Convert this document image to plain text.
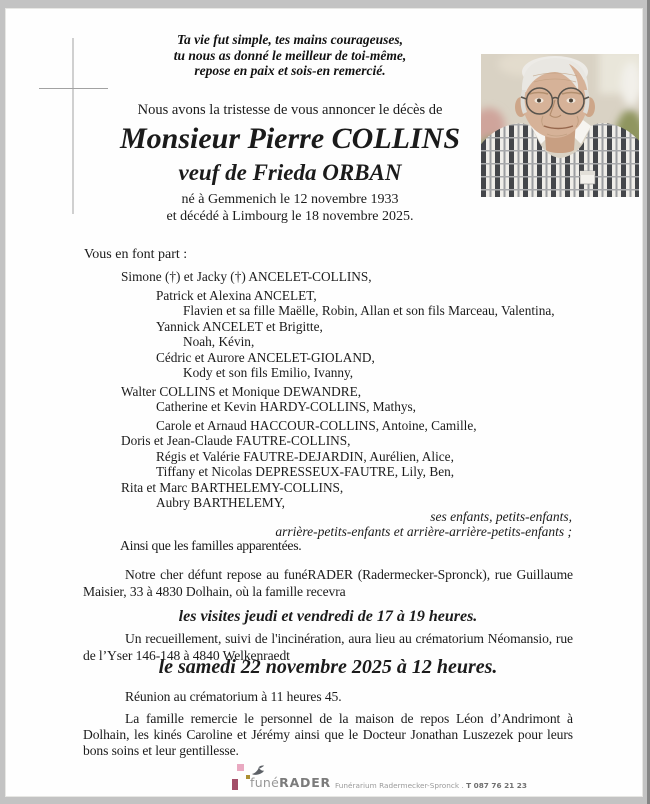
Ta vie fut simple, tes mains courageuses,
tu nous as donné le meilleur de toi-même,
repose en paix et sois-en remercié.
Nous avons la tristesse de vous annoncer le décès de
Monsieur Pierre COLLINS
veuf de Frieda ORBAN
né à Gemmenich le 12 novembre 1933
et décédé à Limbourg le 18 novembre 2025.
Vous en font part :
Simone (†) et Jacky (†) ANCELET-COLLINS,
Patrick et Alexina ANCELET,
Flavien et sa fille Maëlle, Robin, Allan et son fils Marceau, Valentina,
Yannick ANCELET et Brigitte,
Noah, Kévin,
Cédric et Aurore ANCELET-GIOLAND,
Kody et son fils Emilio, Ivanny,
Walter COLLINS et Monique DEWANDRE,
Catherine et Kevin HARDY-COLLINS, Mathys,
Carole et Arnaud HACCOUR-COLLINS, Antoine, Camille,
Doris et Jean-Claude FAUTRE-COLLINS,
Régis et Valérie FAUTRE-DEJARDIN, Aurélien, Alice,
Tiffany et Nicolas DEPRESSEUX-FAUTRE, Lily, Ben,
Rita et Marc BARTHELEMY-COLLINS,
Aubry BARTHELEMY,
ses enfants, petits-enfants,
arrière-petits-enfants et arrière-arrière-petits-enfants ;
Ainsi que les familles apparentées.
Notre cher défunt repose au funéRADER (Radermecker-Spronck), rue Guillaume Maisier, 33 à 4830 Dolhain, où la famille recevra
les visites jeudi et vendredi de 17 à 19 heures.
Un recueillement, suivi de l'incinération, aura lieu au crématorium Néomansio, rue de l’Yser 146-148 à 4840 Welkenraedt
le samedi 22 novembre 2025 à 12 heures.
Réunion au crématorium à 11 heures 45.
La famille remercie le personnel de la maison de repos Léon d’Andrimont à Dolhain, les kinés Caroline et Jérémy ainsi que le Docteur Jonathan Luszezek pour leurs bons soins et leur gentillesse.
funéRADER Funérarium Radermecker-Spronck . T 087 76 21 23
